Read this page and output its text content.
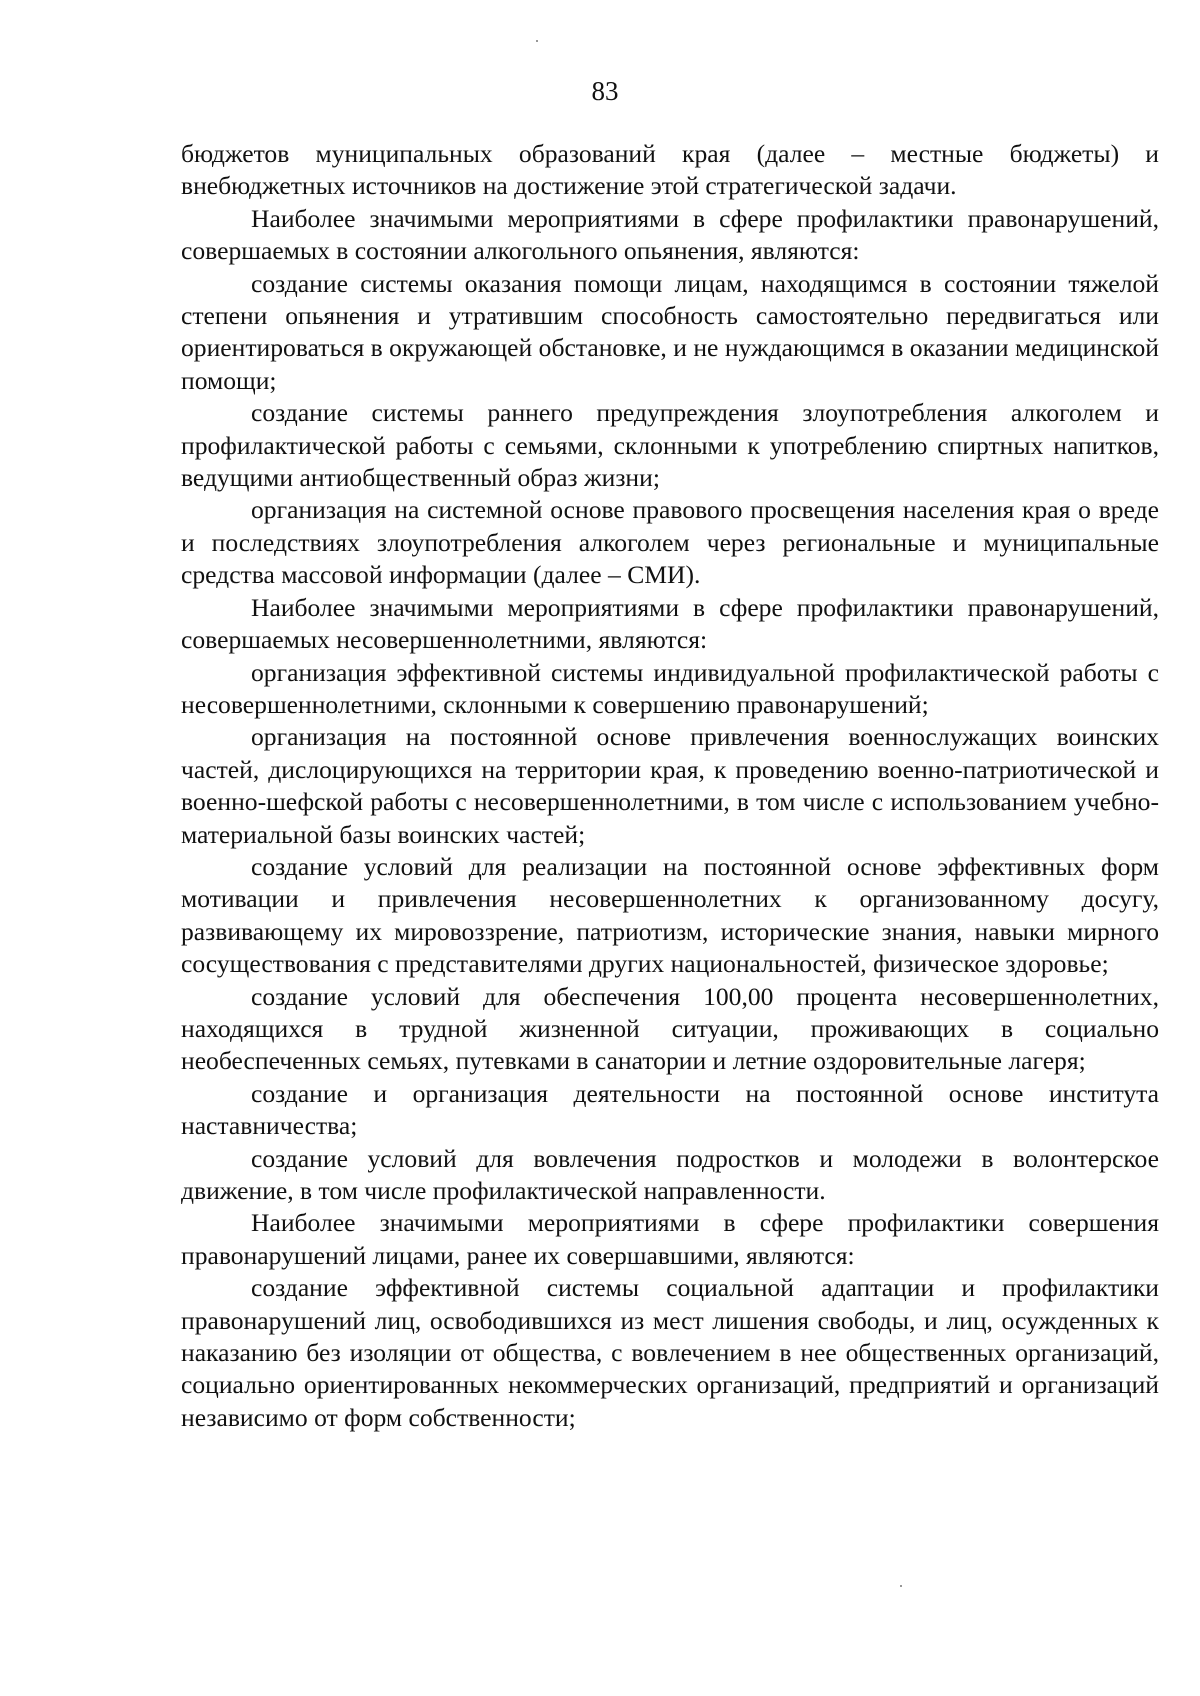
83

бюджетов муниципальных образований края (далее – местные бюджеты) и внебюджетных источников на достижение этой стратегической задачи.

Наиболее значимыми мероприятиями в сфере профилактики правонарушений, совершаемых в состоянии алкогольного опьянения, являются:

создание системы оказания помощи лицам, находящимся в состоянии тяжелой степени опьянения и утратившим способность самостоятельно передвигаться или ориентироваться в окружающей обстановке, и не нуждающимся в оказании медицинской помощи;

создание системы раннего предупреждения злоупотребления алкоголем и профилактической работы с семьями, склонными к употреблению спиртных напитков, ведущими антиобщественный образ жизни;

организация на системной основе правового просвещения населения края о вреде и последствиях злоупотребления алкоголем через региональные и муниципальные средства массовой информации (далее – СМИ).

Наиболее значимыми мероприятиями в сфере профилактики правонарушений, совершаемых несовершеннолетними, являются:

организация эффективной системы индивидуальной профилактической работы с несовершеннолетними, склонными к совершению правонарушений;

организация на постоянной основе привлечения военнослужащих воинских частей, дислоцирующихся на территории края, к проведению военно-патриотической и военно-шефской работы с несовершеннолетними, в том числе с использованием учебно-материальной базы воинских частей;

создание условий для реализации на постоянной основе эффективных форм мотивации и привлечения несовершеннолетних к организованному досугу, развивающему их мировоззрение, патриотизм, исторические знания, навыки мирного сосуществования с представителями других национальностей, физическое здоровье;

создание условий для обеспечения 100,00 процента несовершеннолетних, находящихся в трудной жизненной ситуации, проживающих в социально необеспеченных семьях, путевками в санатории и летние оздоровительные лагеря;

создание и организация деятельности на постоянной основе института наставничества;

создание условий для вовлечения подростков и молодежи в волонтерское движение, в том числе профилактической направленности.

Наиболее значимыми мероприятиями в сфере профилактики совершения правонарушений лицами, ранее их совершавшими, являются:

создание эффективной системы социальной адаптации и профилактики правонарушений лиц, освободившихся из мест лишения свободы, и лиц, осужденных к наказанию без изоляции от общества, с вовлечением в нее общественных организаций, социально ориентированных некоммерческих организаций, предприятий и организаций независимо от форм собственности;
